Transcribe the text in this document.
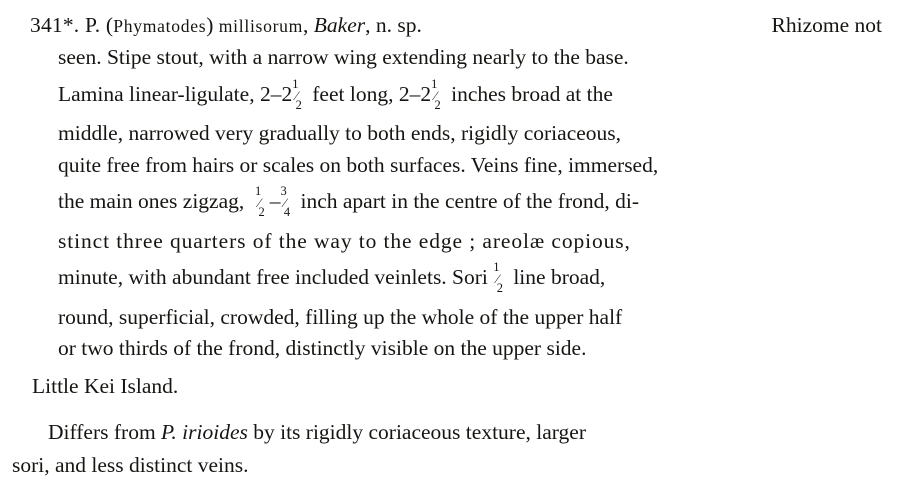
341*. P. (Phymatodes) millisorum, Baker, n. sp.	Rhizome not
seen. Stipe stout, with a narrow wing extending nearly to the base.
Lamina linear-ligulate, $2-2^1⁄_2$ feet long, $2-2^1⁄_2$ inches broad at the
middle, narrowed very gradually to both ends, rigidly coriaceous,
quite free from hairs or scales on both surfaces. Veins fine, immersed,
the main ones zigzag, $^1⁄_2$ $-^3⁄_4$ inch apart in the centre of the frond, di-
stinct three quarters of the way to the edge ; areolæ copious,
minute, with abundant free included veinlets. Sori $^1⁄_2$ line broad,
round, superficial, crowded, filling up the whole of the upper half
or two thirds of the frond, distinctly visible on the upper side.
Little Kei Island.
Differs from P. irioides by its rigidly coriaceous texture, larger
sori, and less distinct veins.
